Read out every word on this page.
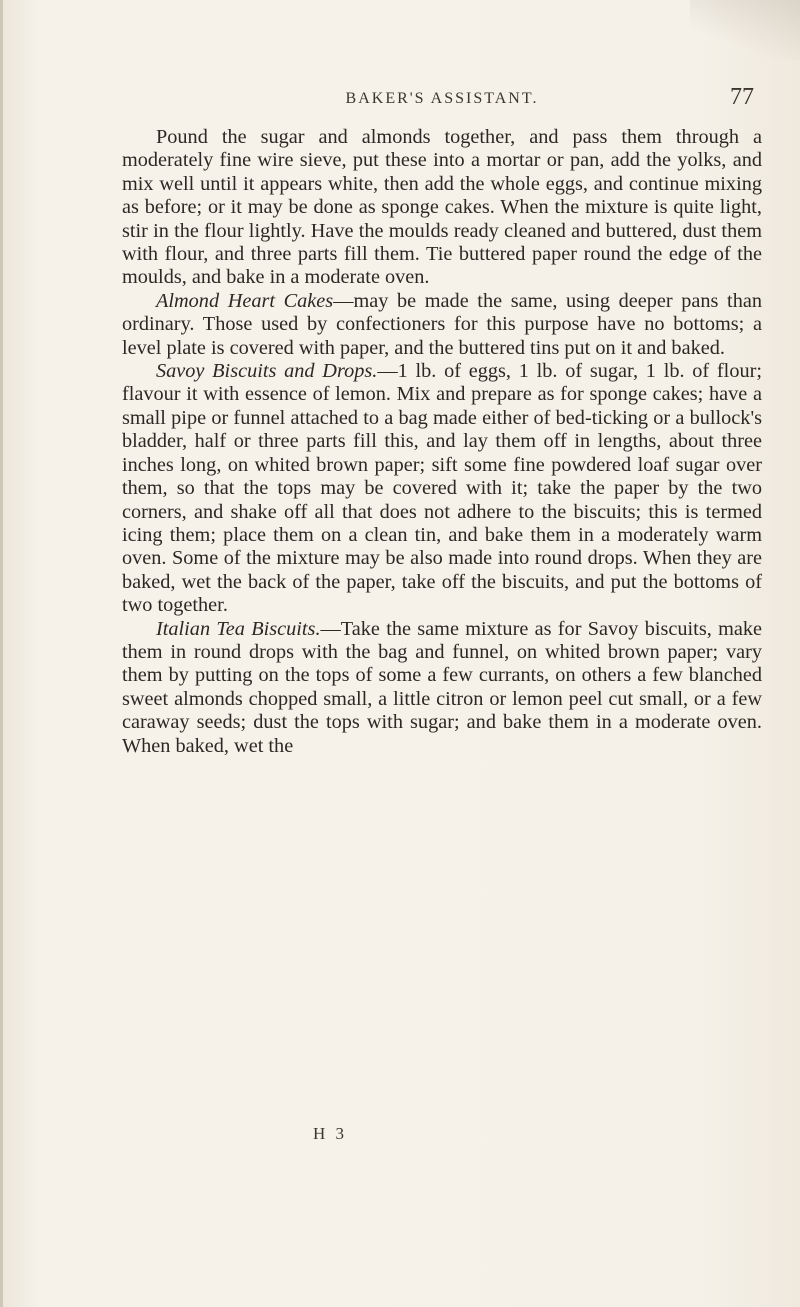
BAKER'S ASSISTANT.	77

Pound the sugar and almonds together, and pass them through a moderately fine wire sieve, put these into a mortar or pan, add the yolks, and mix well until it appears white, then add the whole eggs, and continue mixing as before; or it may be done as sponge cakes. When the mixture is quite light, stir in the flour lightly. Have the moulds ready cleaned and buttered, dust them with flour, and three parts fill them. Tie buttered paper round the edge of the moulds, and bake in a moderate oven.

Almond Heart Cakes—may be made the same, using deeper pans than ordinary. Those used by confectioners for this purpose have no bottoms; a level plate is covered with paper, and the buttered tins put on it and baked.

Savoy Biscuits and Drops.—1 lb. of eggs, 1 lb. of sugar, 1 lb. of flour; flavour it with essence of lemon. Mix and prepare as for sponge cakes; have a small pipe or funnel attached to a bag made either of bed-ticking or a bullock's bladder, half or three parts fill this, and lay them off in lengths, about three inches long, on whited brown paper; sift some fine powdered loaf sugar over them, so that the tops may be covered with it; take the paper by the two corners, and shake off all that does not adhere to the biscuits; this is termed icing them; place them on a clean tin, and bake them in a moderately warm oven. Some of the mixture may be also made into round drops. When they are baked, wet the back of the paper, take off the biscuits, and put the bottoms of two together.

Italian Tea Biscuits.—Take the same mixture as for Savoy biscuits, make them in round drops with the bag and funnel, on whited brown paper; vary them by putting on the tops of some a few currants, on others a few blanched sweet almonds chopped small, a little citron or lemon peel cut small, or a few caraway seeds; dust the tops with sugar; and bake them in a moderate oven. When baked, wet the

H 3
